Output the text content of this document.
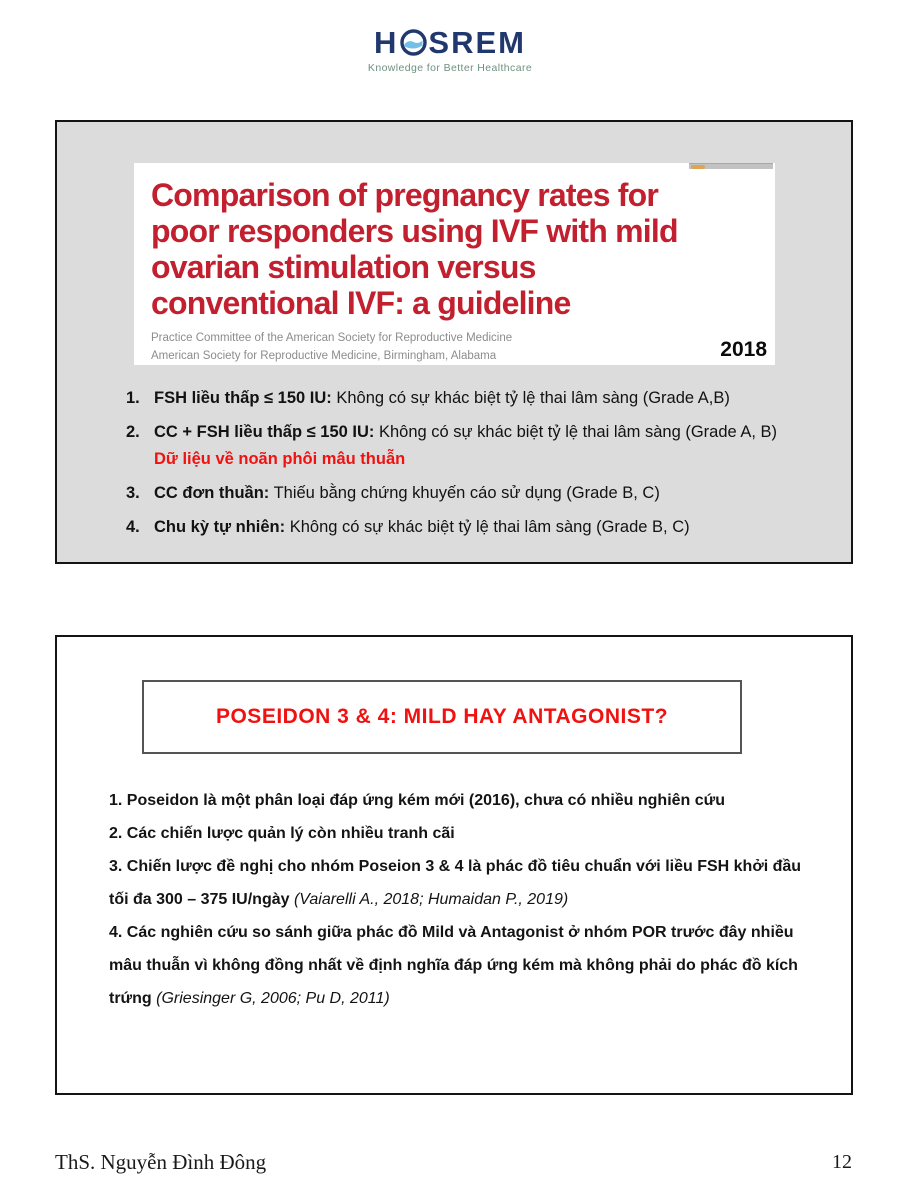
H SREM
Knowledge for Better Healthcare
Comparison of pregnancy rates for
poor responders using IVF with mild
ovarian stimulation versus
conventional IVF: a guideline
Practice Committee of the American Society for Reproductive Medicine
American Society for Reproductive Medicine, Birmingham, Alabama	2018
1. FSH liều thấp ≤ 150 IU: Không có sự khác biệt tỷ lệ thai lâm sàng (Grade A,B)
2. CC + FSH liều thấp ≤ 150 IU: Không có sự khác biệt tỷ lệ thai lâm sàng (Grade A, B)
Dữ liệu về noãn phôi mâu thuẫn
3. CC đơn thuần: Thiếu bằng chứng khuyến cáo sử dụng (Grade B, C)
4. Chu kỳ tự nhiên: Không có sự khác biệt tỷ lệ thai lâm sàng (Grade B, C)
POSEIDON 3 & 4: MILD HAY ANTAGONIST?

1. Poseidon là một phân loại đáp ứng kém mới (2016), chưa có nhiều nghiên cứu

2. Các chiến lược quản lý còn nhiều tranh cãi

3. Chiến lược đề nghị cho nhóm Poseion 3 & 4 là phác đồ tiêu chuẩn với liều FSH khởi đầu tối đa 300 – 375 IU/ngày (Vaiarelli A., 2018; Humaidan P., 2019)

4. Các nghiên cứu so sánh giữa phác đồ Mild và Antagonist ở nhóm POR trước đây nhiều mâu thuẫn vì không đồng nhất về định nghĩa đáp ứng kém mà không phải do phác đồ kích trứng (Griesinger G, 2006; Pu D, 2011)

ThS. Nguyễn Đình Đông	12
